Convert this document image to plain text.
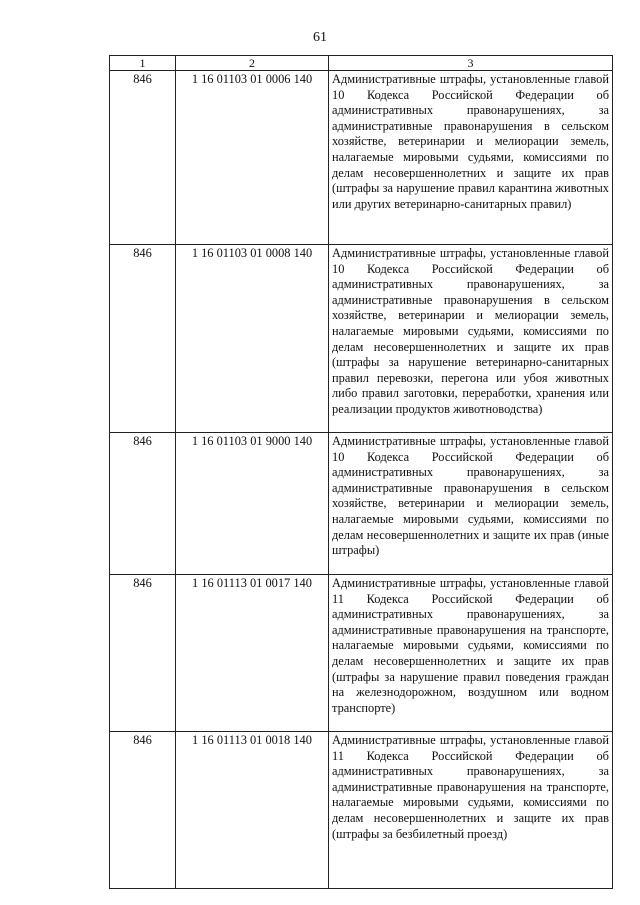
61
1	2	3
846	1 16 01103 01 0006 140	Административные штрафы, установленные главой 10 Кодекса Российской Федерации об административных правонарушениях, за административные правонарушения в сельском хозяйстве, ветеринарии и мелиорации земель, налагаемые мировыми судьями, комиссиями по делам несовершеннолетних и защите их прав (штрафы за нарушение правил карантина животных или других ветеринарно-санитарных правил)
846	1 16 01103 01 0008 140	Административные штрафы, установленные главой 10 Кодекса Российской Федерации об административных правонарушениях, за административные правонарушения в сельском хозяйстве, ветеринарии и мелиорации земель, налагаемые мировыми судьями, комиссиями по делам несовершеннолетних и защите их прав (штрафы за нарушение ветеринарно-санитарных правил перевозки, перегона или убоя животных либо правил заготовки, переработки, хранения или реализации продуктов животноводства)
846	1 16 01103 01 9000 140	Административные штрафы, установленные главой 10 Кодекса Российской Федерации об административных правонарушениях, за административные правонарушения в сельском хозяйстве, ветеринарии и мелиорации земель, налагаемые мировыми судьями, комиссиями по делам несовершеннолетних и защите их прав (иные штрафы)
846	1 16 01113 01 0017 140	Административные штрафы, установленные главой 11 Кодекса Российской Федерации об административных правонарушениях, за административные правонарушения на транспорте, налагаемые мировыми судьями, комиссиями по делам несовершеннолетних и защите их прав (штрафы за нарушение правил поведения граждан на железнодорожном, воздушном или водном транспорте)
846	1 16 01113 01 0018 140	Административные штрафы, установленные главой 11 Кодекса Российской Федерации об административных правонарушениях, за административные правонарушения на транспорте, налагаемые мировыми судьями, комиссиями по делам несовершеннолетних и защите их прав (штрафы за безбилетный проезд)
